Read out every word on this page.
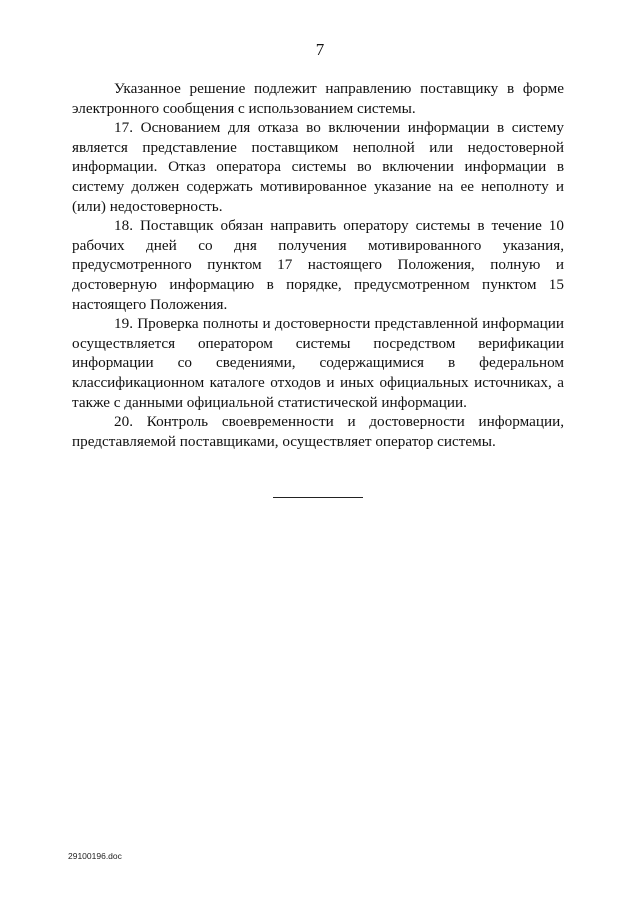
7

Указанное решение подлежит направлению поставщику в форме электронного сообщения с использованием системы.

17. Основанием для отказа во включении информации в систему является представление поставщиком неполной или недостоверной информации. Отказ оператора системы во включении информации в систему должен содержать мотивированное указание на ее неполноту и (или) недостоверность.

18. Поставщик обязан направить оператору системы в течение 10 рабочих дней со дня получения мотивированного указания, предусмотренного пунктом 17 настоящего Положения, полную и достоверную информацию в порядке, предусмотренном пунктом 15 настоящего Положения.

19. Проверка полноты и достоверности представленной информации осуществляется оператором системы посредством верификации информации со сведениями, содержащимися в федеральном классификационном каталоге отходов и иных официальных источниках, а также с данными официальной статистической информации.

20. Контроль своевременности и достоверности информации, представляемой поставщиками, осуществляет оператор системы.

29100196.doc
